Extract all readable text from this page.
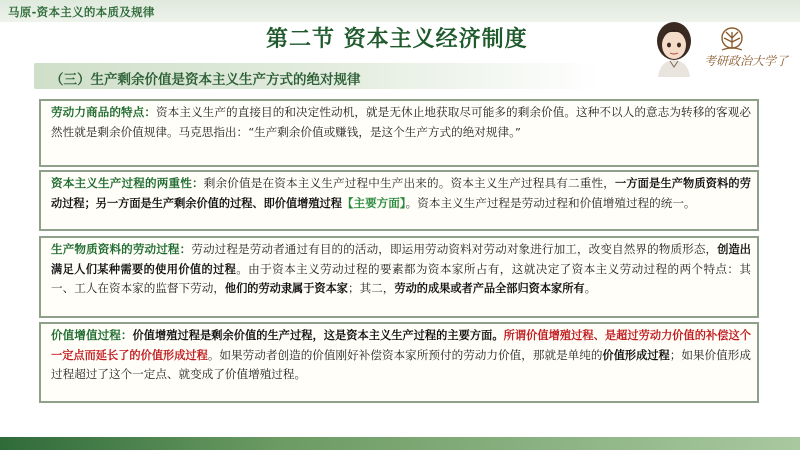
马原-资本主义的本质及规律
第二节 资本主义经济制度
考研政治大学了
（三）生产剩余价值是资本主义生产方式的绝对规律
劳动力商品的特点：资本主义生产的直接目的和决定性动机，就是无休止地获取尽可能多的剩余价值。这种不以人的意志为转移的客观必然性就是剩余价值规律。马克思指出：“生产剩余价值或赚钱，是这个生产方式的绝对规律。”
资本主义生产过程的两重性：剩余价值是在资本主义生产过程中生产出来的。资本主义生产过程具有二重性，一方面是生产物质资料的劳动过程；另一方面是生产剩余价值的过程、即价值增殖过程【主要方面】。资本主义生产过程是劳动过程和价值增殖过程的统一。
生产物质资料的劳动过程：劳动过程是劳动者通过有目的的活动，即运用劳动资料对劳动对象进行加工，改变自然界的物质形态，创造出满足人们某种需要的使用价值的过程。由于资本主义劳动过程的要素都为资本家所占有，这就决定了资本主义劳动过程的两个特点：其一、工人在资本家的监督下劳动，他们的劳动隶属于资本家；其二，劳动的成果或者产品全部归资本家所有。
价值增值过程：价值增殖过程是剩余价值的生产过程，这是资本主义生产过程的主要方面。所谓价值增殖过程、是超过劳动力价值的补偿这个一定点而延长了的价值形成过程。如果劳动者创造的价值刚好补偿资本家所预付的劳动力价值，那就是单纯的价值形成过程；如果价值形成过程超过了这个一定点、就变成了价值增殖过程。
